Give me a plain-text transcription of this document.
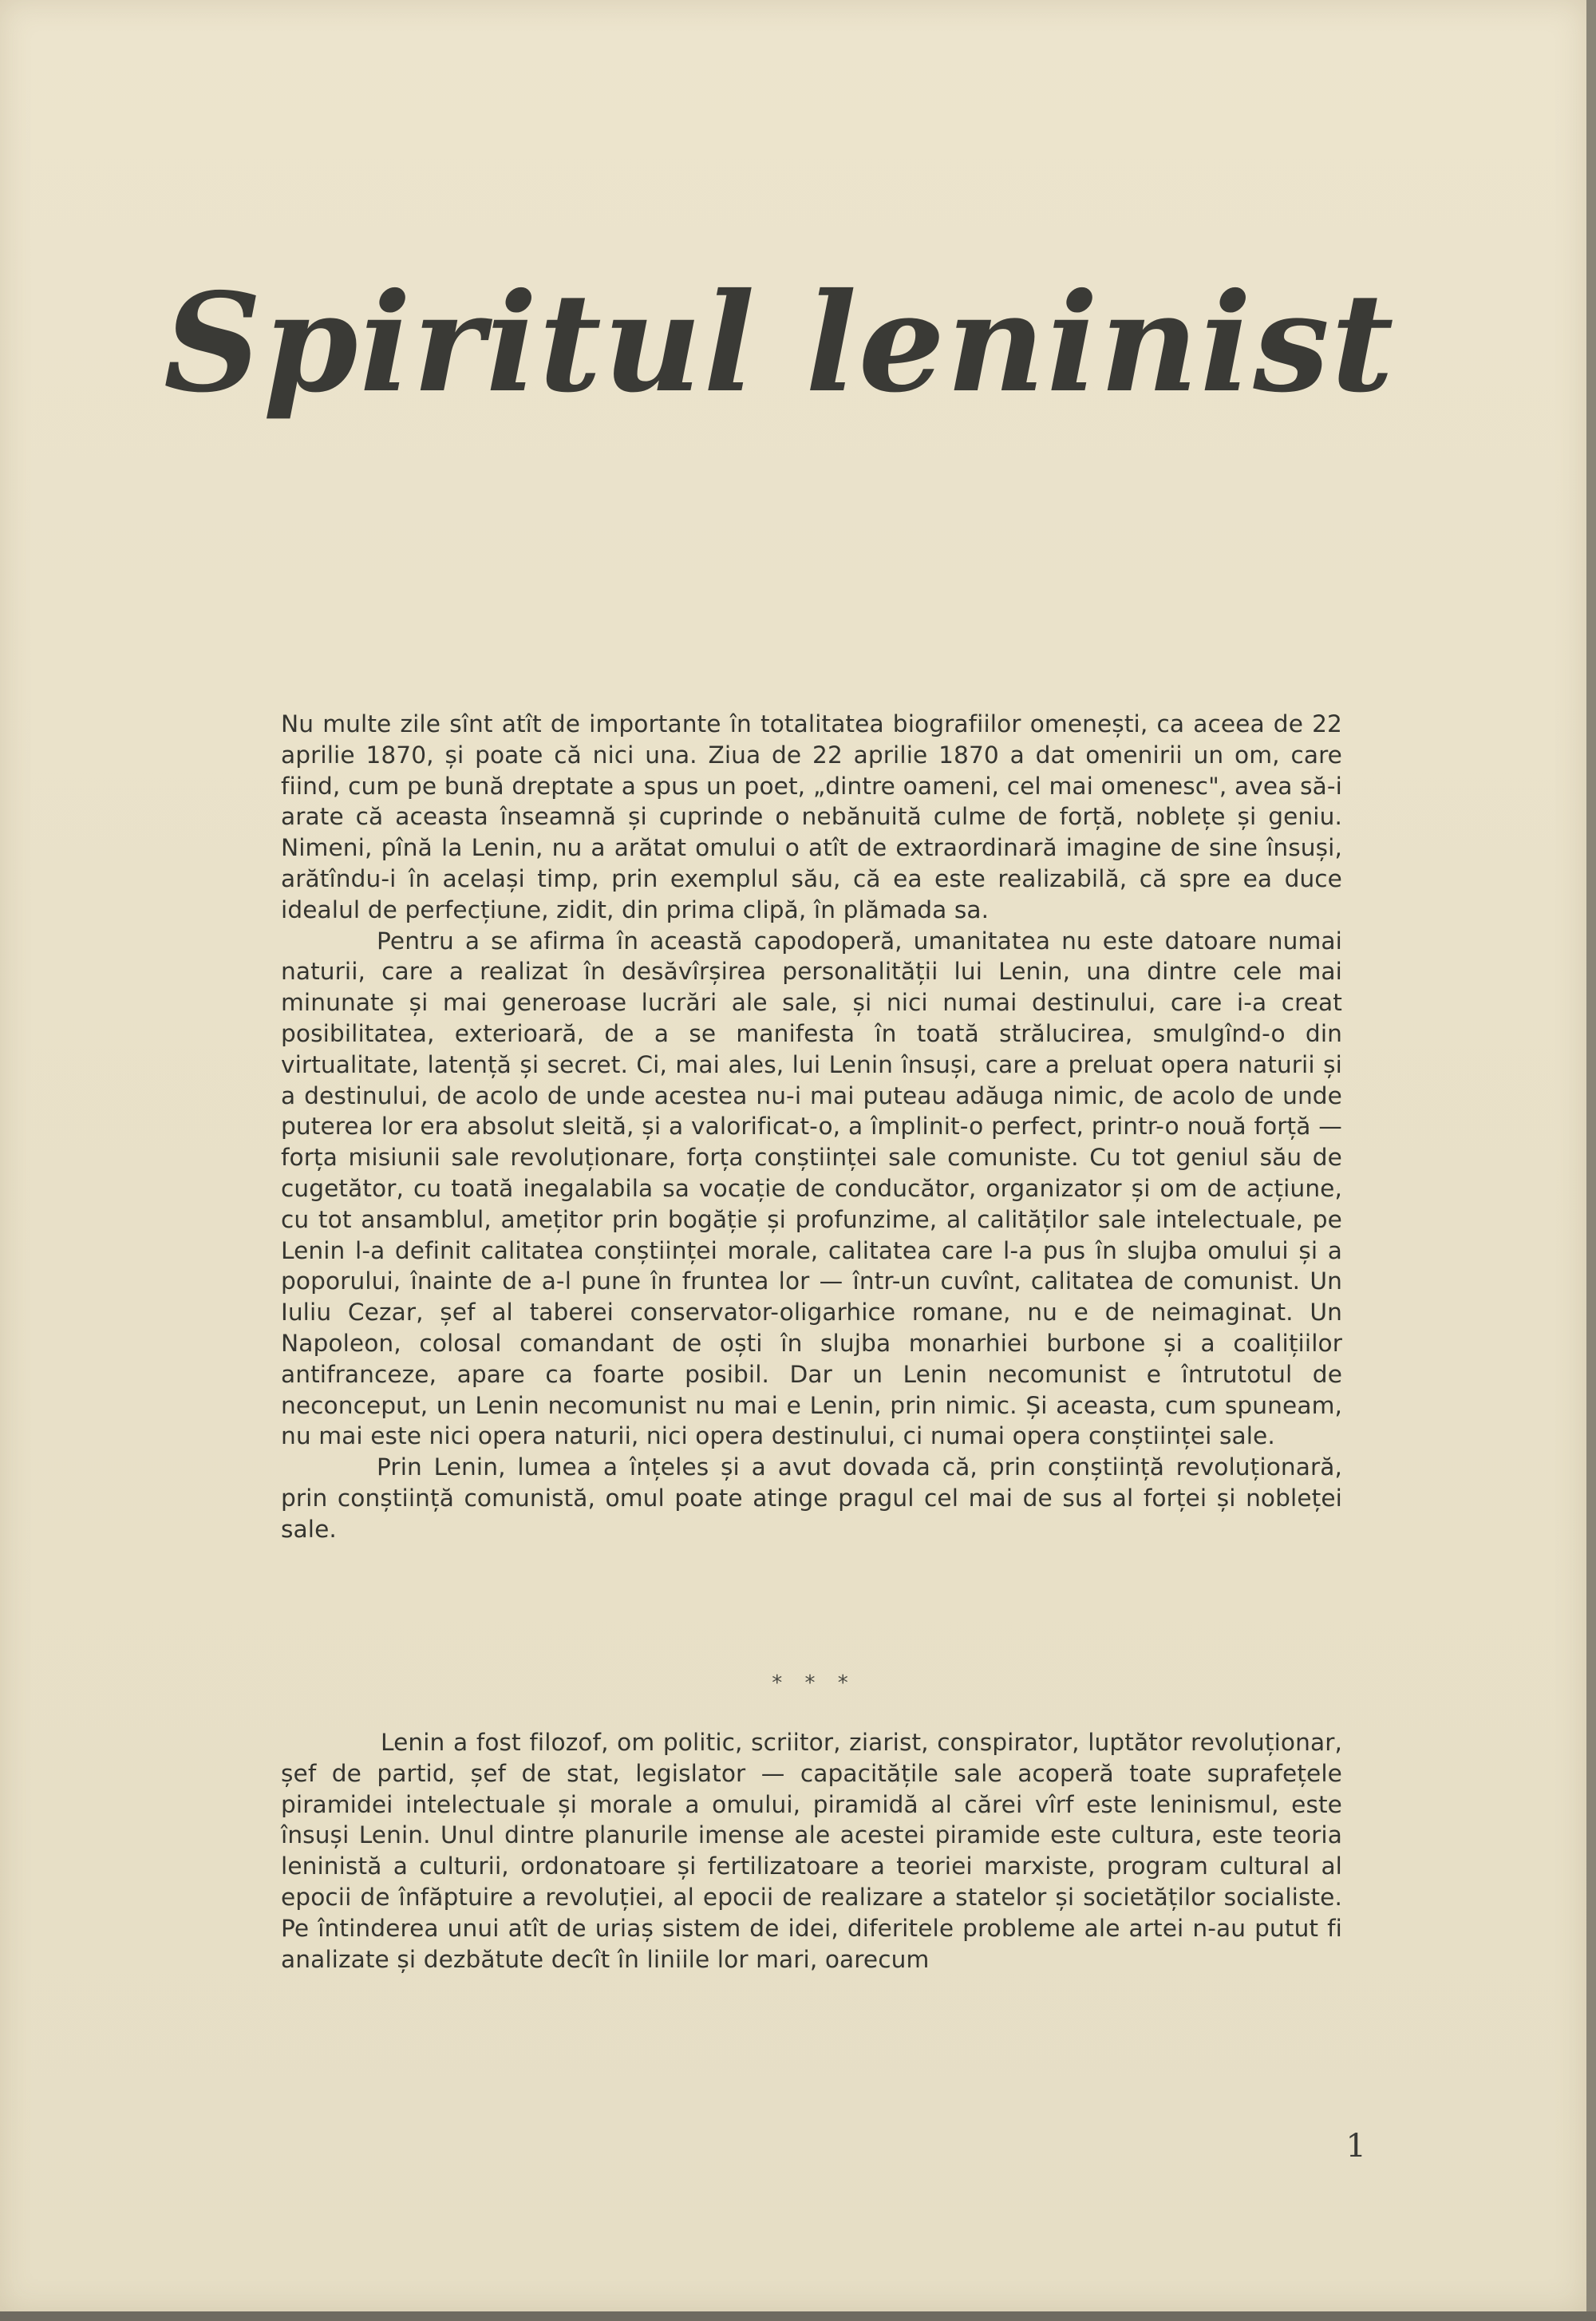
Spiritul leninist

Nu multe zile sînt atît de importante în totalitatea biografiilor omenești, ca aceea de 22 aprilie 1870, și poate că nici una. Ziua de 22 aprilie 1870 a dat omenirii un om, care fiind, cum pe bună dreptate a spus un poet, „dintre oameni, cel mai omenesc", avea să-i arate că aceasta înseamnă și cuprinde o nebănuită culme de forță, noblețe și geniu. Nimeni, pînă la Lenin, nu a arătat omului o atît de extraordinară imagine de sine însuși, arătîndu-i în același timp, prin exemplul său, că ea este realizabilă, că spre ea duce idealul de perfecțiune, zidit, din prima clipă, în plămada sa.

Pentru a se afirma în această capodoperă, umanitatea nu este datoare numai naturii, care a realizat în desăvîrșirea personalității lui Lenin, una dintre cele mai minunate și mai generoase lucrări ale sale, și nici numai destinului, care i-a creat posibilitatea, exterioară, de a se manifesta în toată strălucirea, smulgînd-o din virtualitate, latență și secret. Ci, mai ales, lui Lenin însuși, care a preluat opera naturii și a destinului, de acolo de unde acestea nu-i mai puteau adăuga nimic, de acolo de unde puterea lor era absolut sleită, și a valorificat-o, a împlinit-o perfect, printr-o nouă forță — forța misiunii sale revoluționare, forța conștiinței sale comuniste. Cu tot geniul său de cugetător, cu toată inegalabila sa vocație de conducător, organizator și om de acțiune, cu tot ansamblul, amețitor prin bogăție și profunzime, al calităților sale intelectuale, pe Lenin l-a definit calitatea conștiinței morale, calitatea care l-a pus în slujba omului și a poporului, înainte de a-l pune în fruntea lor — într-un cuvînt, calitatea de comunist. Un Iuliu Cezar, șef al taberei conservator-oligarhice romane, nu e de neimaginat. Un Napoleon, colosal comandant de oști în slujba monarhiei burbone și a coalițiilor antifranceze, apare ca foarte posibil. Dar un Lenin necomunist e întrutotul de neconceput, un Lenin necomunist nu mai e Lenin, prin nimic. Și aceasta, cum spuneam, nu mai este nici opera naturii, nici opera destinului, ci numai opera conștiinței sale.

Prin Lenin, lumea a înțeles și a avut dovada că, prin conștiință revoluționară, prin conștiință comunistă, omul poate atinge pragul cel mai de sus al forței și nobleței sale.

* * *

Lenin a fost filozof, om politic, scriitor, ziarist, conspirator, luptător revoluționar, șef de partid, șef de stat, legislator — capacitățile sale acoperă toate suprafețele piramidei intelectuale și morale a omului, piramidă al cărei vîrf este leninismul, este însuși Lenin. Unul dintre planurile imense ale acestei piramide este cultura, este teoria leninistă a culturii, ordonatoare și fertilizatoare a teoriei marxiste, program cultural al epocii de înfăptuire a revoluției, al epocii de realizare a statelor și societăților socialiste. Pe întinderea unui atît de uriaș sistem de idei, diferitele probleme ale artei n-au putut fi analizate și dezbătute decît în liniile lor mari, oarecum

1
